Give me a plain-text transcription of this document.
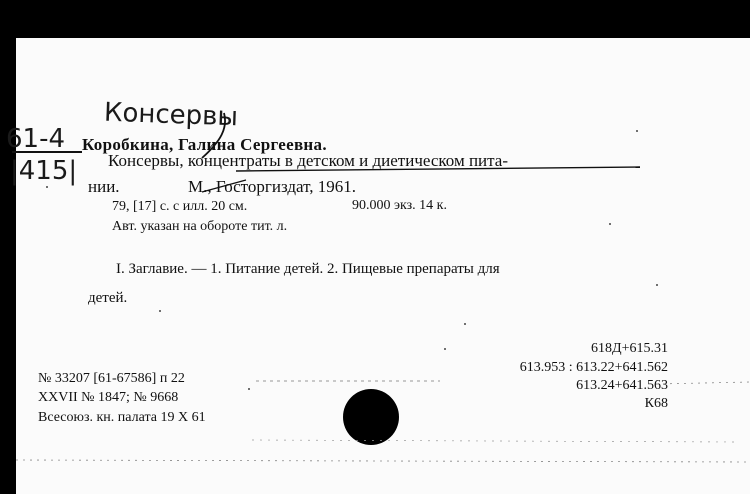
Консервы
61-4
|415|
Коробкина, Галина Сергеевна.
Консервы, концентраты в детском и диетическом пита-
нии.	М., Госторгиздат, 1961.
79, [17] с. с илл. 20 см.	90.000 экз. 14 к.
Авт. указан на обороте тит. л.
I. Заглавие. — 1. Питание детей. 2. Пищевые препараты для
детей.
618Д+615.31
613.953 : 613.22+641.562
613.24+641.563
К68
№ 33207 [61-67586] п 22
XXVII № 1847; № 9668
Всесоюз. кн. палата 19 X 61
